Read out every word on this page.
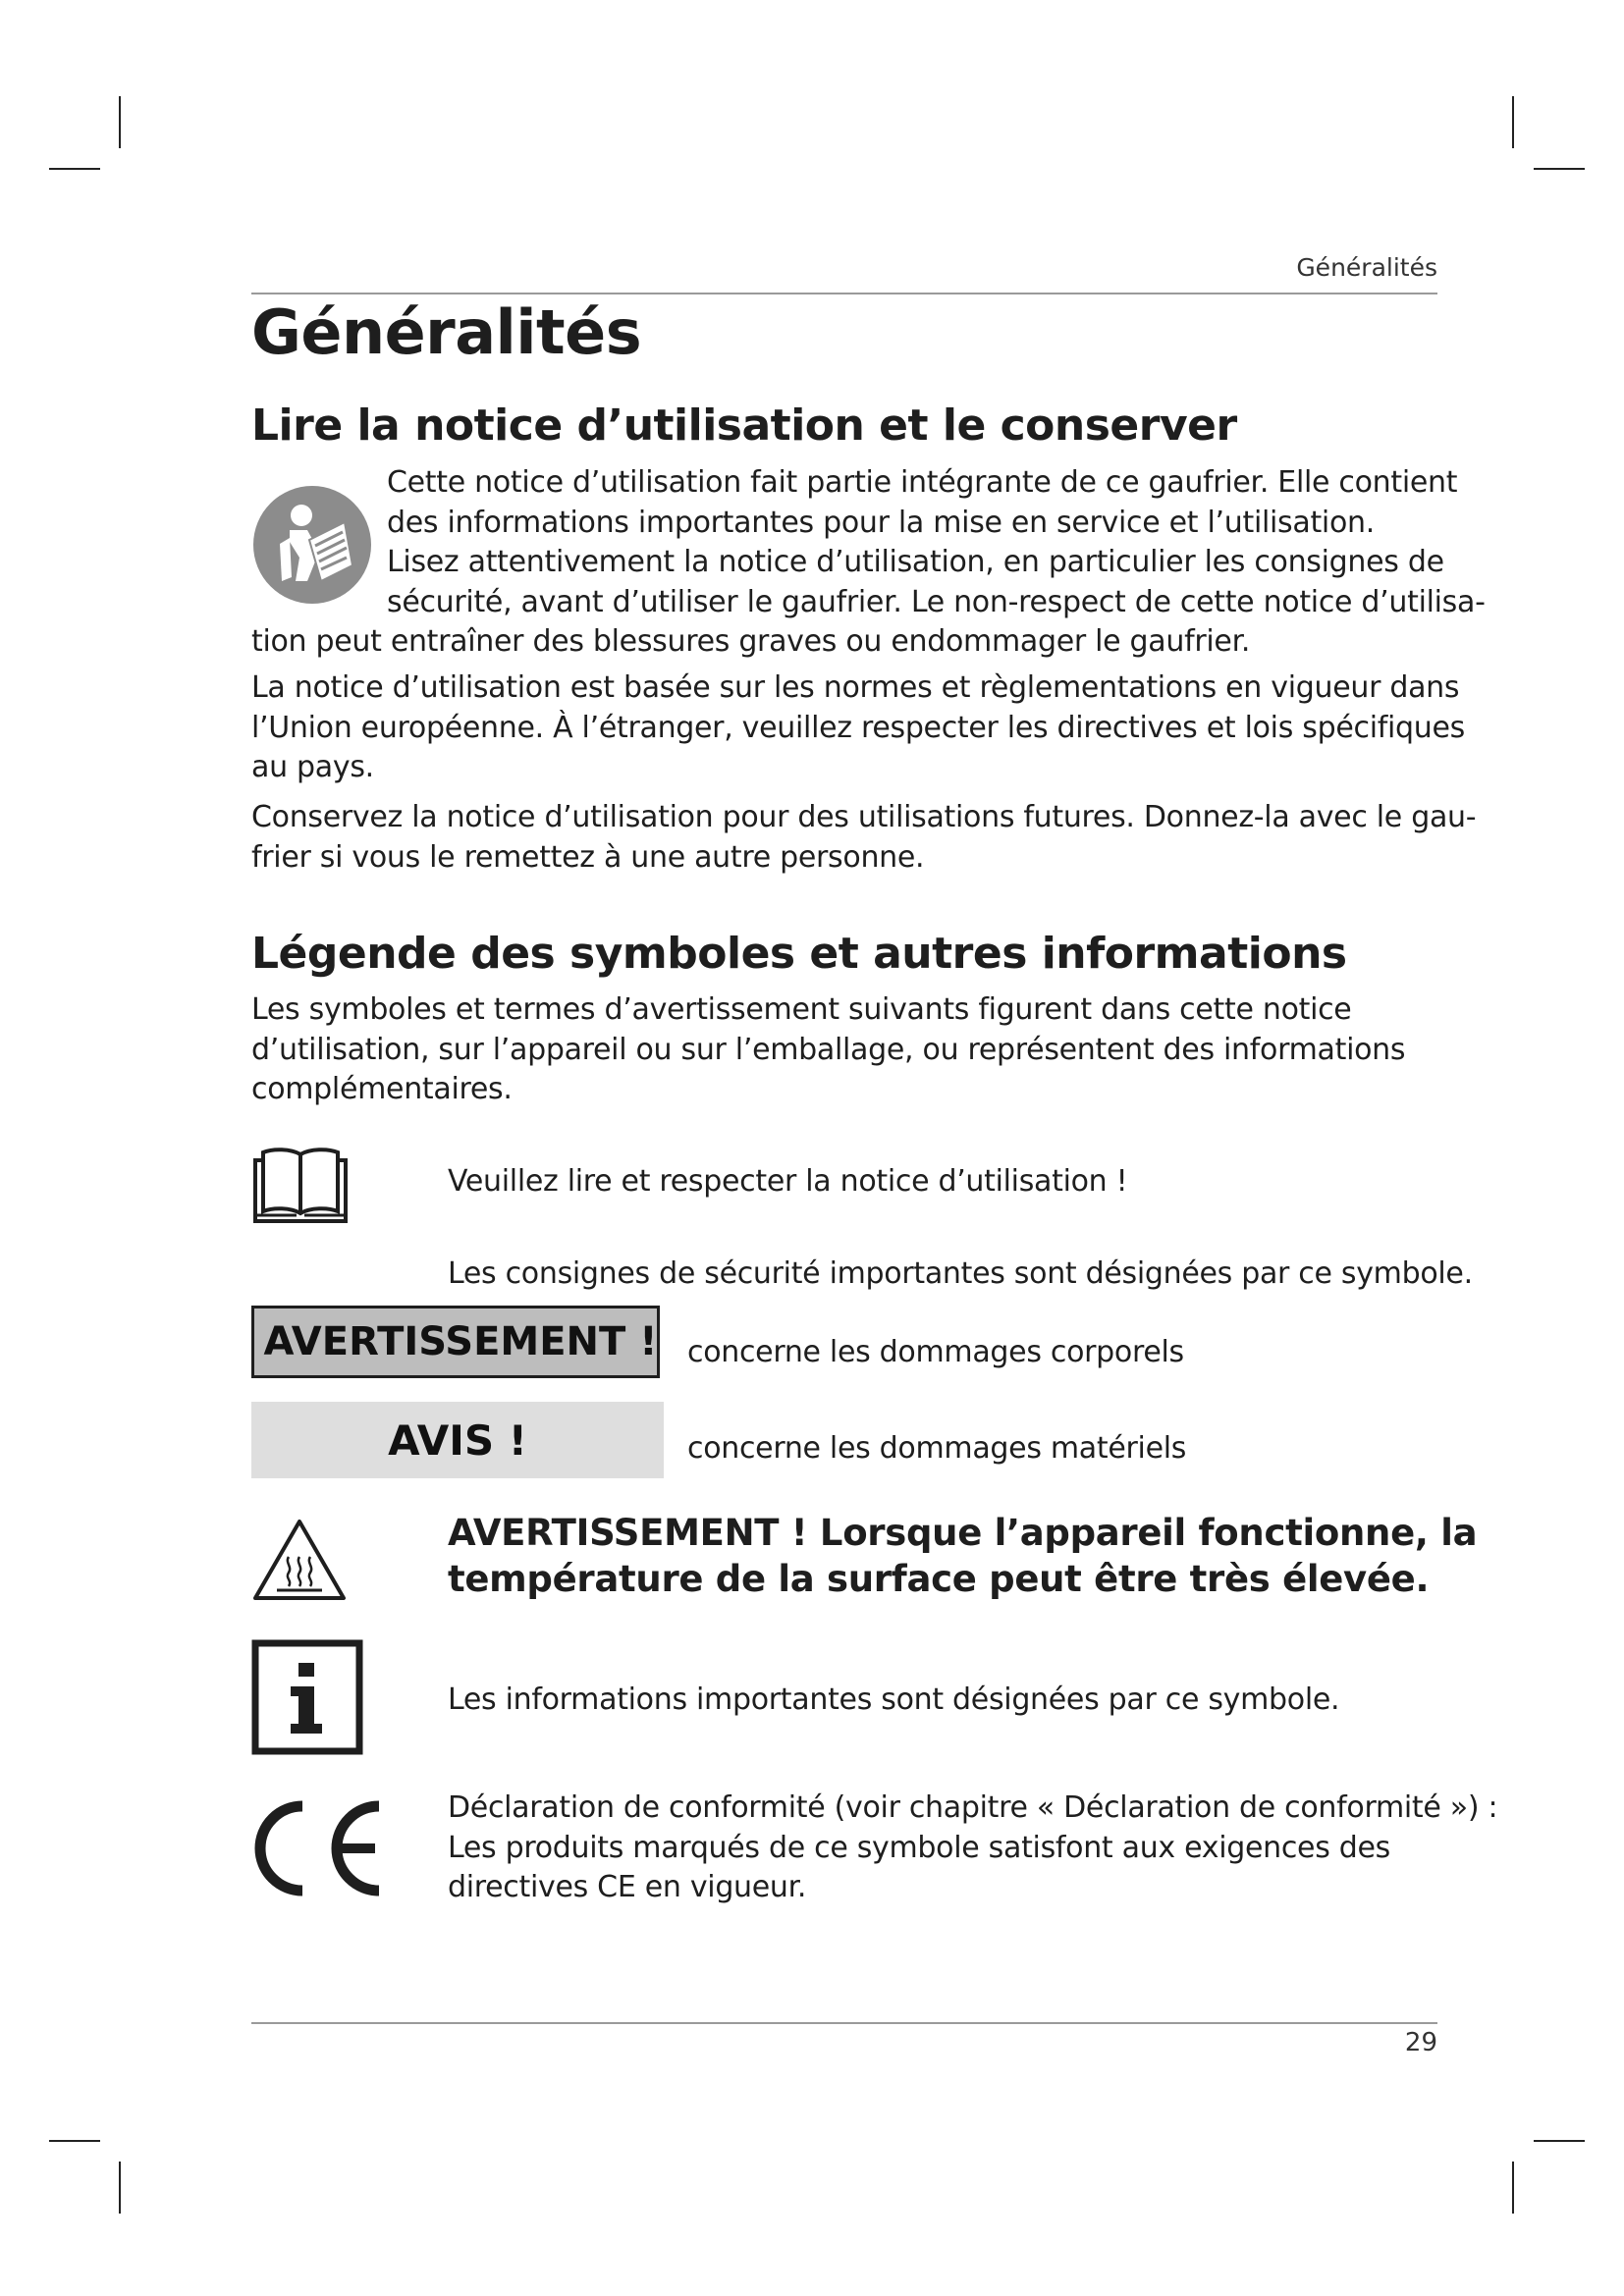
Généralités
Généralités
Lire la notice d’utilisation et le conserver
Cette notice d’utilisation fait partie intégrante de ce gaufrier. Elle contient
des informations importantes pour la mise en service et l’utilisation.
Lisez attentivement la notice d’utilisation, en particulier les consignes de
sécurité, avant d’utiliser le gaufrier. Le non-respect de cette notice d’utilisa-
tion peut entraîner des blessures graves ou endommager le gaufrier.
La notice d’utilisation est basée sur les normes et règlementations en vigueur dans
l’Union européenne. À l’étranger, veuillez respecter les directives et lois spécifiques
au pays.
Conservez la notice d’utilisation pour des utilisations futures. Donnez-la avec le gau-
frier si vous le remettez à une autre personne.
Légende des symboles et autres informations
Les symboles et termes d’avertissement suivants figurent dans cette notice
d’utilisation, sur l’appareil ou sur l’emballage, ou représentent des informations
complémentaires.
Veuillez lire et respecter la notice d’utilisation !
Les consignes de sécurité importantes sont désignées par ce symbole.
AVERTISSEMENT ! concerne les dommages corporels
AVIS !	concerne les dommages matériels
AVERTISSEMENT ! Lorsque l’appareil fonctionne, la
température de la surface peut être très élevée.
Les informations importantes sont désignées par ce symbole.
Déclaration de conformité (voir chapitre « Déclaration de conformité ») :
Les produits marqués de ce symbole satisfont aux exigences des
directives CE en vigueur.
29
